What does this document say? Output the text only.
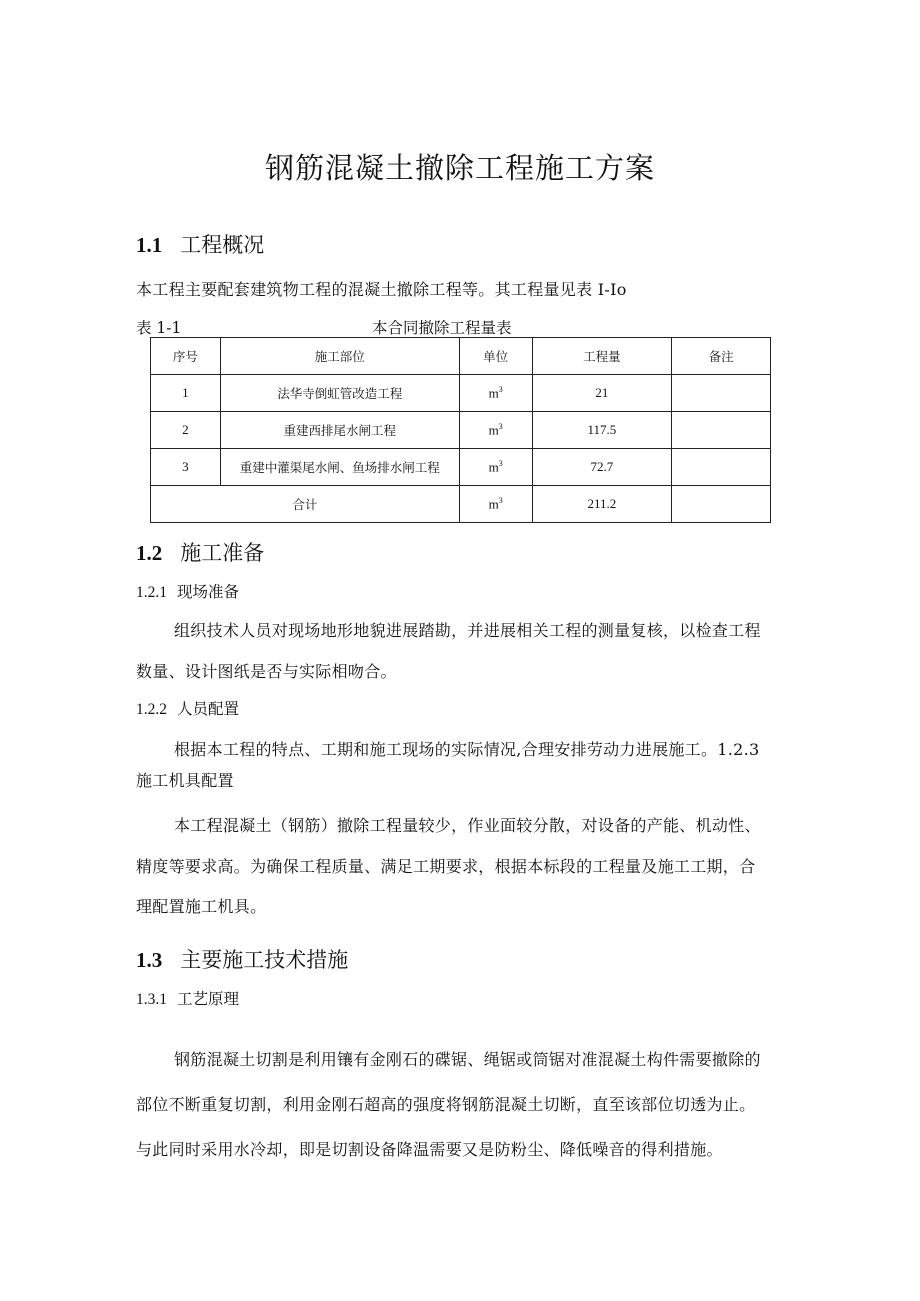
钢筋混凝土撤除工程施工方案
1.1 工程概况
本工程主要配套建筑物工程的混凝土撤除工程等。其工程量见表 I-Io
表 1-1	本合同撤除工程量表
序号	施工部位	单位	工程量	备注
1	法华寺倒虹管改造工程	$m^3$	21	
2	重建西排尾水闸工程	$m^3$	117.5	
3	重建中灌渠尾水闸、鱼场排水闸工程	$m^3$	72.7	
合计		$m^3$	211.2	
1.2 施工准备
1.2.1 现场准备
组织技术人员对现场地形地貌进展踏勘，并进展相关工程的测量复核，以检查工程
数量、设计图纸是否与实际相吻合。
1.2.2 人员配置
根据本工程的特点、工期和施工现场的实际情况,合理安排劳动力进展施工。1.2.3
施工机具配置
本工程混凝土（钢筋）撤除工程量较少，作业面较分散，对设备的产能、机动性、
精度等要求高。为确保工程质量、满足工期要求，根据本标段的工程量及施工工期，合
理配置施工机具。
1.3 主要施工技术措施
1.3.1 工艺原理
钢筋混凝土切割是利用镶有金刚石的碟锯、绳锯或筒锯对准混凝土构件需要撤除的
部位不断重复切割，利用金刚石超高的强度将钢筋混凝土切断，直至该部位切透为止。
与此同时采用水冷却，即是切割设备降温需要又是防粉尘、降低噪音的得利措施。
